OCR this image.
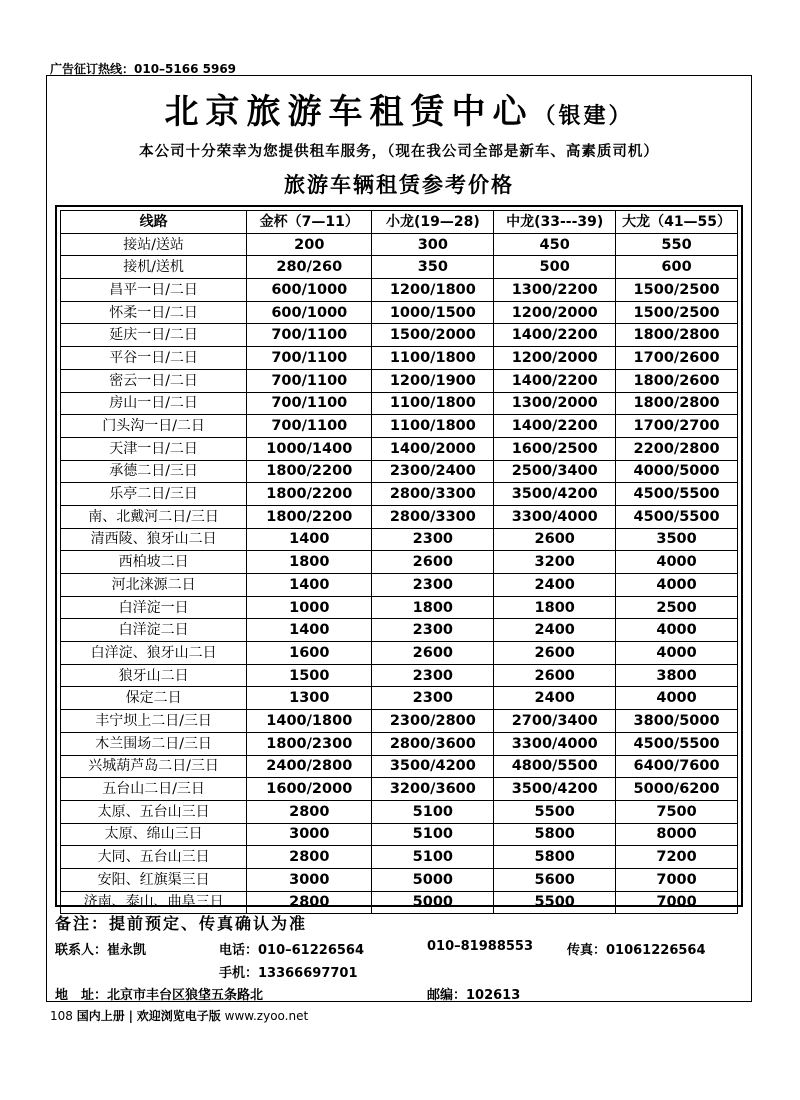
广告征订热线：010–5166 5969
北京旅游车租赁中心（银建）
本公司十分荣幸为您提供租车服务，（现在我公司全部是新车、高素质司机）
旅游车辆租赁参考价格
线路	金杯（7—11）	小龙(19—28)	中龙(33---39)	大龙（41—55）
接站/送站	200	300	450	550
接机/送机	280/260	350	500	600
昌平一日/二日	600/1000	1200/1800	1300/2200	1500/2500
怀柔一日/二日	600/1000	1000/1500	1200/2000	1500/2500
延庆一日/二日	700/1100	1500/2000	1400/2200	1800/2800
平谷一日/二日	700/1100	1100/1800	1200/2000	1700/2600
密云一日/二日	700/1100	1200/1900	1400/2200	1800/2600
房山一日/二日	700/1100	1100/1800	1300/2000	1800/2800
门头沟一日/二日	700/1100	1100/1800	1400/2200	1700/2700
天津一日/二日	1000/1400	1400/2000	1600/2500	2200/2800
承德二日/三日	1800/2200	2300/2400	2500/3400	4000/5000
乐亭二日/三日	1800/2200	2800/3300	3500/4200	4500/5500
南、北戴河二日/三日	1800/2200	2800/3300	3300/4000	4500/5500
清西陵、狼牙山二日	1400	2300	2600	3500
西柏坡二日	1800	2600	3200	4000
河北涞源二日	1400	2300	2400	4000
白洋淀一日	1000	1800	1800	2500
白洋淀二日	1400	2300	2400	4000
白洋淀、狼牙山二日	1600	2600	2600	4000
狼牙山二日	1500	2300	2600	3800
保定二日	1300	2300	2400	4000
丰宁坝上二日/三日	1400/1800	2300/2800	2700/3400	3800/5000
木兰围场二日/三日	1800/2300	2800/3600	3300/4000	4500/5500
兴城葫芦岛二日/三日	2400/2800	3500/4200	4800/5500	6400/7600
五台山二日/三日	1600/2000	3200/3600	3500/4200	5000/6200
太原、五台山三日	2800	5100	5500	7500
太原、绵山三日	3000	5100	5800	8000
大同、五台山三日	2800	5100	5800	7200
安阳、红旗渠三日	3000	5000	5600	7000
济南、泰山、曲阜三日	2800	5000	5500	7000
备注：提前预定、传真确认为准
联系人：崔永凯	电话：010–61226564	010–81988553	传真：01061226564
手机：13366697701
地　址：北京市丰台区狼垡五条路北	邮编：102613
108 国内上册 | 欢迎浏览电子版 www.zyoo.net
